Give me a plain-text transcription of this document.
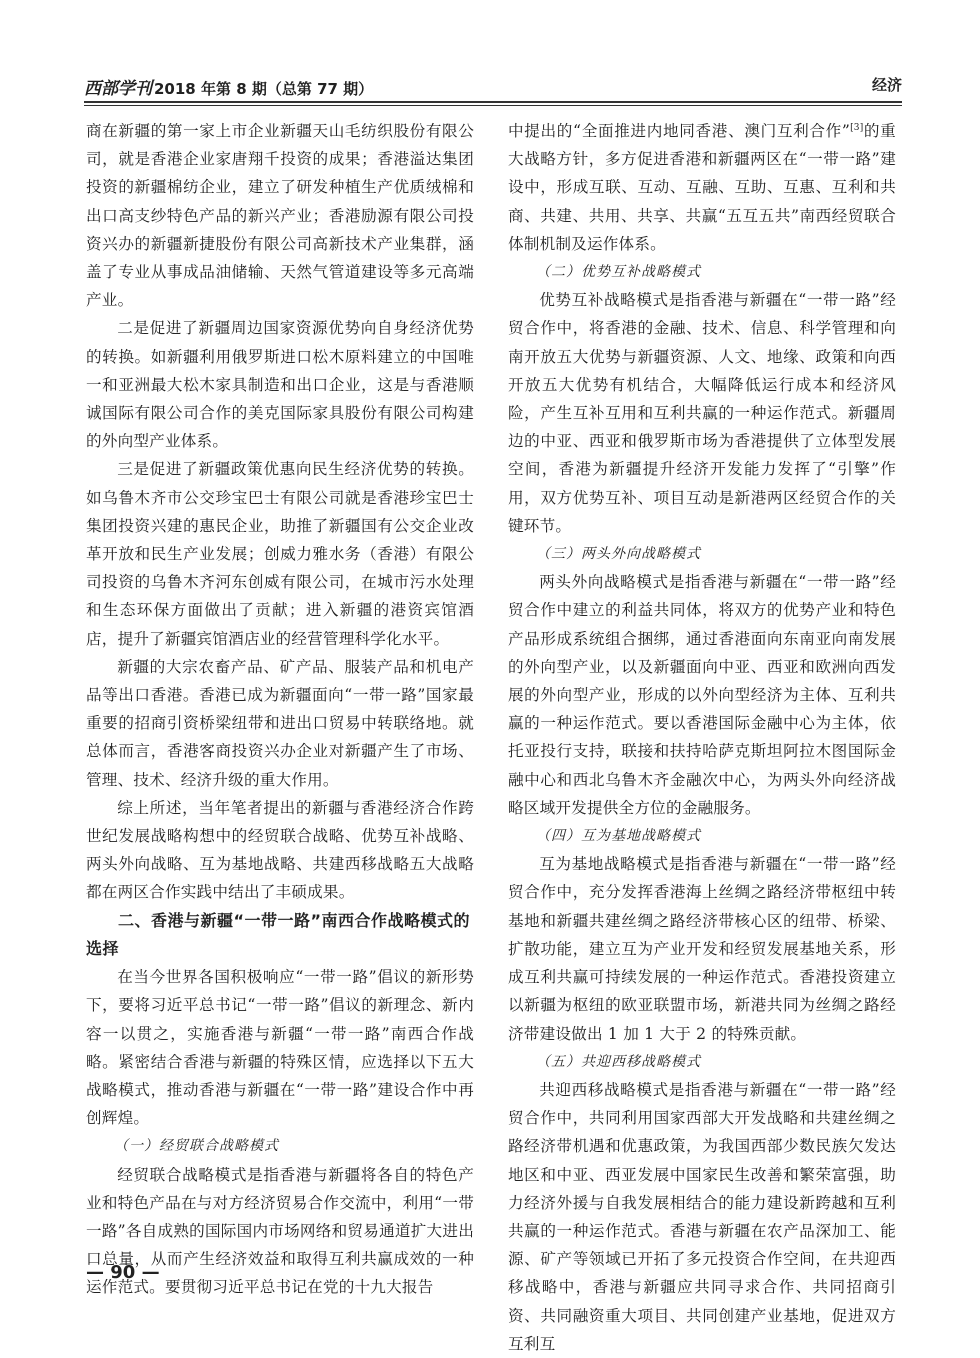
西部学刊 2018 年第 8 期（总第 77 期）	经济

商在新疆的第一家上市企业新疆天山毛纺织股份有限公司，就是香港企业家唐翔千投资的成果；香港溢达集团投资的新疆棉纺企业，建立了研发种植生产优质绒棉和出口高支纱特色产品的新兴产业；香港励源有限公司投资兴办的新疆新捷股份有限公司高新技术产业集群，涵盖了专业从事成品油储输、天然气管道建设等多元高端产业。

二是促进了新疆周边国家资源优势向自身经济优势的转换。如新疆利用俄罗斯进口松木原料建立的中国唯一和亚洲最大松木家具制造和出口企业，这是与香港顺诚国际有限公司合作的美克国际家具股份有限公司构建的外向型产业体系。

三是促进了新疆政策优惠向民生经济优势的转换。如乌鲁木齐市公交珍宝巴士有限公司就是香港珍宝巴士集团投资兴建的惠民企业，助推了新疆国有公交企业改革开放和民生产业发展；创威力雅水务（香港）有限公司投资的乌鲁木齐河东创威有限公司，在城市污水处理和生态环保方面做出了贡献；进入新疆的港资宾馆酒店，提升了新疆宾馆酒店业的经营管理科学化水平。

新疆的大宗农畜产品、矿产品、服装产品和机电产品等出口香港。香港已成为新疆面向“一带一路”国家最重要的招商引资桥梁纽带和进出口贸易中转联络地。就总体而言，香港客商投资兴办企业对新疆产生了市场、管理、技术、经济升级的重大作用。

综上所述，当年笔者提出的新疆与香港经济合作跨世纪发展战略构想中的经贸联合战略、优势互补战略、两头外向战略、互为基地战略、共建西移战略五大战略都在两区合作实践中结出了丰硕成果。

二、香港与新疆“一带一路”南西合作战略模式的选择

在当今世界各国积极响应“一带一路”倡议的新形势下，要将习近平总书记“一带一路”倡议的新理念、新内容一以贯之，实施香港与新疆“一带一路”南西合作战略。紧密结合香港与新疆的特殊区情，应选择以下五大战略模式，推动香港与新疆在“一带一路”建设合作中再创辉煌。

（一）经贸联合战略模式

经贸联合战略模式是指香港与新疆将各自的特色产业和特色产品在与对方经济贸易合作交流中，利用“一带一路”各自成熟的国际国内市场网络和贸易通道扩大进出口总量，从而产生经济效益和取得互利共赢成效的一种运作范式。要贯彻习近平总书记在党的十九大报告

中提出的“全面推进内地同香港、澳门互利合作”[3]的重大战略方针，多方促进香港和新疆两区在“一带一路”建设中，形成互联、互动、互融、互助、互惠、互利和共商、共建、共用、共享、共赢“五互五共”南西经贸联合体制机制及运作体系。

（二）优势互补战略模式

优势互补战略模式是指香港与新疆在“一带一路”经贸合作中，将香港的金融、技术、信息、科学管理和向南开放五大优势与新疆资源、人文、地缘、政策和向西开放五大优势有机结合，大幅降低运行成本和经济风险，产生互补互用和互利共赢的一种运作范式。新疆周边的中亚、西亚和俄罗斯市场为香港提供了立体型发展空间，香港为新疆提升经济开发能力发挥了“引擎”作用，双方优势互补、项目互动是新港两区经贸合作的关键环节。

（三）两头外向战略模式

两头外向战略模式是指香港与新疆在“一带一路”经贸合作中建立的利益共同体，将双方的优势产业和特色产品形成系统组合捆绑，通过香港面向东南亚向南发展的外向型产业，以及新疆面向中亚、西亚和欧洲向西发展的外向型产业，形成的以外向型经济为主体、互利共赢的一种运作范式。要以香港国际金融中心为主体，依托亚投行支持，联接和扶持哈萨克斯坦阿拉木图国际金融中心和西北乌鲁木齐金融次中心，为两头外向经济战略区域开发提供全方位的金融服务。

（四）互为基地战略模式

互为基地战略模式是指香港与新疆在“一带一路”经贸合作中，充分发挥香港海上丝绸之路经济带枢纽中转基地和新疆共建丝绸之路经济带核心区的纽带、桥梁、扩散功能，建立互为产业开发和经贸发展基地关系，形成互利共赢可持续发展的一种运作范式。香港投资建立以新疆为枢纽的欧亚联盟市场，新港共同为丝绸之路经济带建设做出 1 加 1 大于 2 的特殊贡献。

（五）共迎西移战略模式

共迎西移战略模式是指香港与新疆在“一带一路”经贸合作中，共同利用国家西部大开发战略和共建丝绸之路经济带机遇和优惠政策，为我国西部少数民族欠发达地区和中亚、西亚发展中国家民生改善和繁荣富强，助力经济外援与自我发展相结合的能力建设新跨越和互利共赢的一种运作范式。香港与新疆在农产品深加工、能源、矿产等领域已开拓了多元投资合作空间，在共迎西移战略中，香港与新疆应共同寻求合作、共同招商引资、共同融资重大项目、共同创建产业基地，促进双方互利互

— 90 —
